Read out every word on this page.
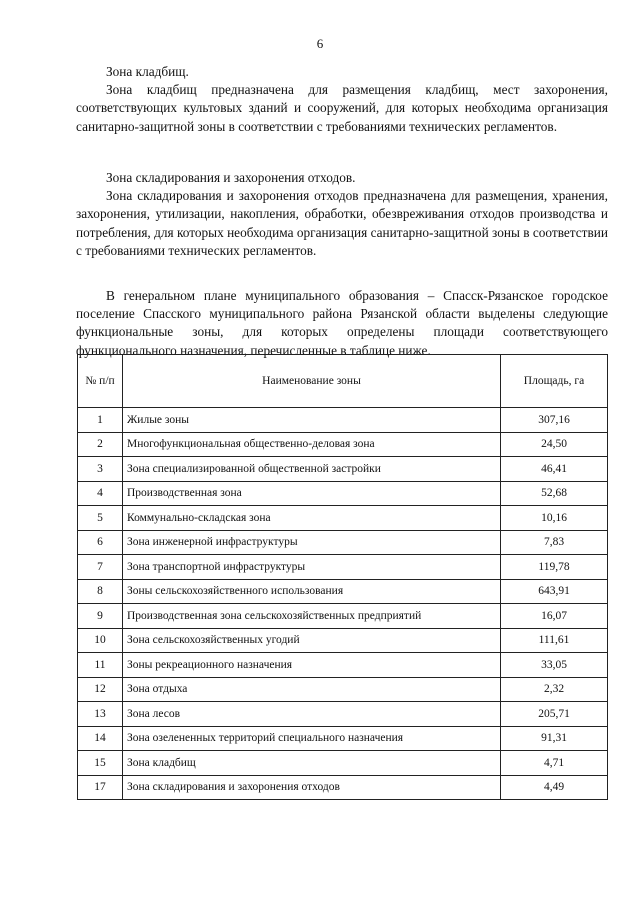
6
Зона кладбищ.
Зона кладбищ предназначена для размещения кладбищ, мест захоронения, соответствующих культовых зданий и сооружений, для которых необходима организация санитарно-защитной зоны в соответствии с требованиями технических регламентов.
Зона складирования и захоронения отходов.
Зона складирования и захоронения отходов предназначена для размещения, хранения, захоронения, утилизации, накопления, обработки, обезвреживания отходов производства и потребления, для которых необходима организация санитарно-защитной зоны в соответствии с требованиями технических регламентов.
В генеральном плане муниципального образования – Спасск-Рязанское городское поселение Спасского муниципального района Рязанской области выделены следующие функциональные зоны, для которых определены площади соответствующего функционального назначения, перечисленные в таблице ниже.
№ п/п	Наименование зоны	Площадь, га
1	Жилые зоны	307,16
2	Многофункциональная общественно-деловая зона	24,50
3	Зона специализированной общественной застройки	46,41
4	Производственная зона	52,68
5	Коммунально-складская зона	10,16
6	Зона инженерной инфраструктуры	7,83
7	Зона транспортной инфраструктуры	119,78
8	Зоны сельскохозяйственного использования	643,91
9	Производственная зона сельскохозяйственных предприятий	16,07
10	Зона сельскохозяйственных угодий	111,61
11	Зоны рекреационного назначения	33,05
12	Зона отдыха	2,32
13	Зона лесов	205,71
14	Зона озелененных территорий специального назначения	91,31
15	Зона кладбищ	4,71
17	Зона складирования и захоронения отходов	4,49
